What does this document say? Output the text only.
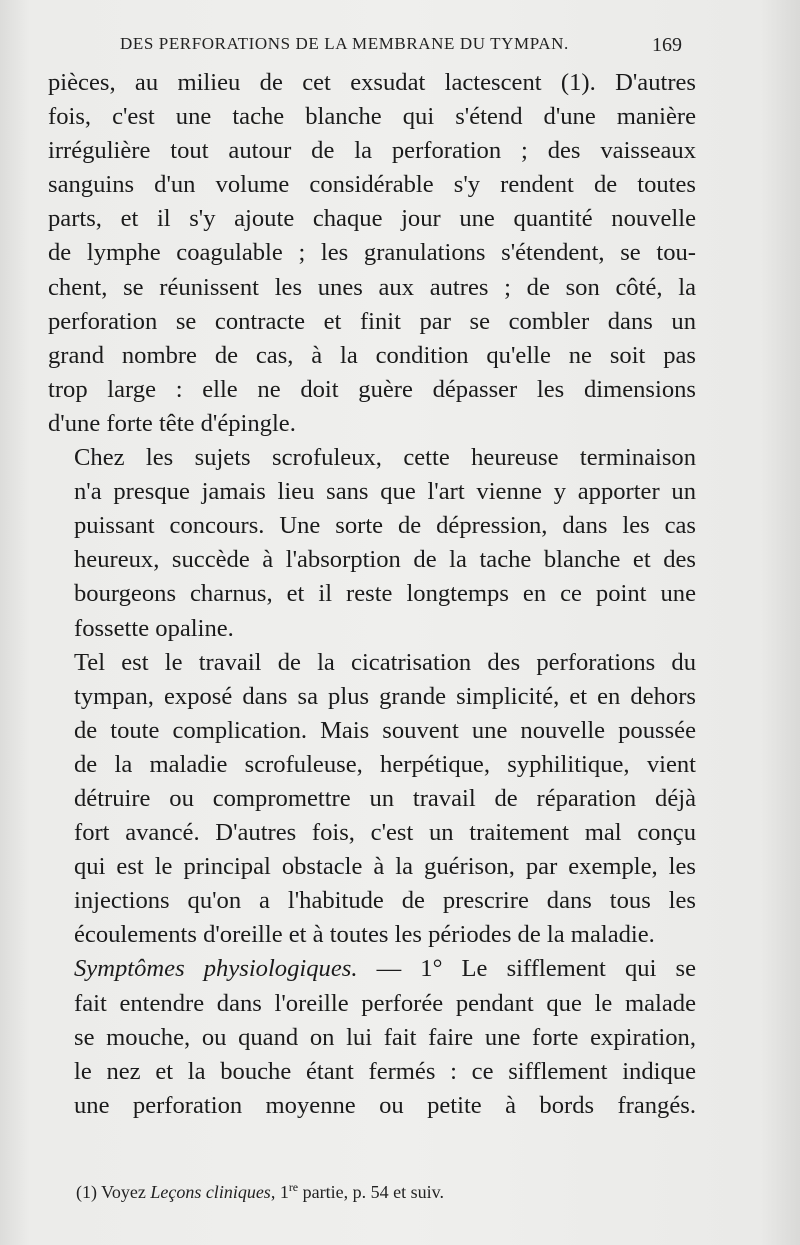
DES PERFORATIONS DE LA MEMBRANE DU TYMPAN.	169

pièces, au milieu de cet exsudat lactescent (1). D'autres
fois, c'est une tache blanche qui s'étend d'une manière
irrégulière tout autour de la perforation ; des vaisseaux
sanguins d'un volume considérable s'y rendent de toutes
parts, et il s'y ajoute chaque jour une quantité nouvelle
de lymphe coagulable ; les granulations s'étendent, se tou-
chent, se réunissent les unes aux autres ; de son côté, la
perforation se contracte et finit par se combler dans un
grand nombre de cas, à la condition qu'elle ne soit pas
trop large : elle ne doit guère dépasser les dimensions
d'une forte tête d'épingle.

Chez les sujets scrofuleux, cette heureuse terminaison
n'a presque jamais lieu sans que l'art vienne y apporter un
puissant concours. Une sorte de dépression, dans les cas
heureux, succède à l'absorption de la tache blanche et des
bourgeons charnus, et il reste longtemps en ce point une
fossette opaline.

Tel est le travail de la cicatrisation des perforations du
tympan, exposé dans sa plus grande simplicité, et en dehors
de toute complication. Mais souvent une nouvelle poussée
de la maladie scrofuleuse, herpétique, syphilitique, vient
détruire ou compromettre un travail de réparation déjà
fort avancé. D'autres fois, c'est un traitement mal conçu
qui est le principal obstacle à la guérison, par exemple, les
injections qu'on a l'habitude de prescrire dans tous les
écoulements d'oreille et à toutes les périodes de la maladie.

Symptômes physiologiques. — 1° Le sifflement qui se
fait entendre dans l'oreille perforée pendant que le malade
se mouche, ou quand on lui fait faire une forte expiration,
le nez et la bouche étant fermés : ce sifflement indique
une perforation moyenne ou petite à bords frangés.

(1) Voyez Leçons cliniques, 1re partie, p. 54 et suiv.
